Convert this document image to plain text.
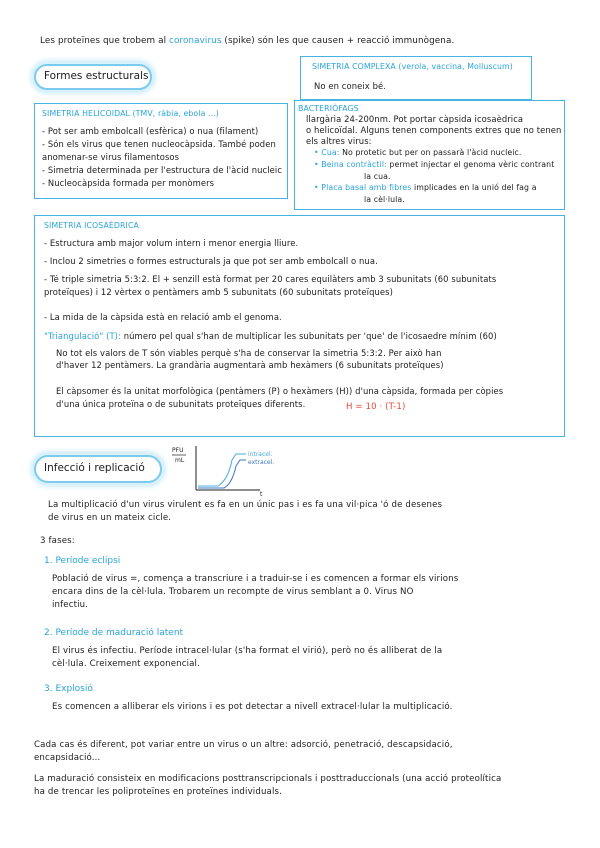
Les proteïnes que trobem al coronavirus (spike) són les que causen + reacció immunògena.
Formes estructurals
SIMETRIA COMPLEXA (verola, vaccina, Molluscum)
No en coneix bé.
SIMETRIA HELICOIDAL (TMV, ràbia, ebola ...)
- Pot ser amb embolcall (esfèrica) o nua (filament)
- Són els virus que tenen nucleocàpsida. També poden
anomenar-se virus filamentosos
- Simetria determinada per l'estructura de l'àcid nucleic
- Nucleocàpsida formada per monòmers
BACTERIÒFAGS
llargària 24-200nm. Pot portar càpsida icosaèdrica
o helicoïdal. Alguns tenen components extres que no tenen
els altres virus:
• Cua: No protetic but per on passarà l'àcid nucleic.
• Beina contràctil: permet injectar el genoma vèric contrant
la cua.
• Placa basal amb fibres implicades en la unió del fag a
la cèl·lula.
SIMETRIA ICOSAÈDRICA
- Estructura amb major volum intern i menor energia lliure.
- Inclou 2 simetries o formes estructurals ja que pot ser amb embolcall o nua.
- Té triple simetria 5:3:2. El + senzill està format per 20 cares equilàters amb 3 subunitats (60 subunitats
proteïques) i 12 vèrtex o pentàmers amb 5 subunitats (60 subunitats proteïques)
- La mida de la càpsida està en relació amb el genoma.
"Triangulació" (T): número pel qual s'han de multiplicar les subunitats per 'que' de l'icosaedre mínim (60)
No tot els valors de T són viables perquè s'ha de conservar la simetria 5:3:2. Per això han
d'haver 12 pentàmers. La grandària augmentarà amb hexàmers (6 subunitats proteïques)
El càpsomer és la unitat morfològica (pentàmers (P) o hexàmers (H)) d'una càpsida, formada per còpies
d'una única proteïna o de subunitats proteïques diferents.	H = 10 · (T-1)
Infecció i replicació
PFU
mL
intracel.
extracel.
t
La multiplicació d'un virus virulent es fa en un únic pas i es fa una vil·pica 'ó de desenes
de virus en un mateix cicle.
3 fases:
1. Període eclipsi
Població de virus =, comença a transcriure i a traduir-se i es comencen a formar els virions
encara dins de la cèl·lula. Trobarem un recompte de virus semblant a 0. Virus NO
infectiu.
2. Període de maduració latent
El virus és infectiu. Període intracel·lular (s'ha format el virió), però no és alliberat de la
cèl·lula. Creixement exponencial.
3. Explosió
Es comencen a alliberar els virions i es pot detectar a nivell extracel·lular la multiplicació.
Cada cas és diferent, pot variar entre un virus o un altre: adsorció, penetració, descapsidació,
encapsidació...
La maduració consisteix en modificacions posttranscripcionals i posttraduccionals (una acció proteolítica
ha de trencar les poliproteïnes en proteïnes individuals.
